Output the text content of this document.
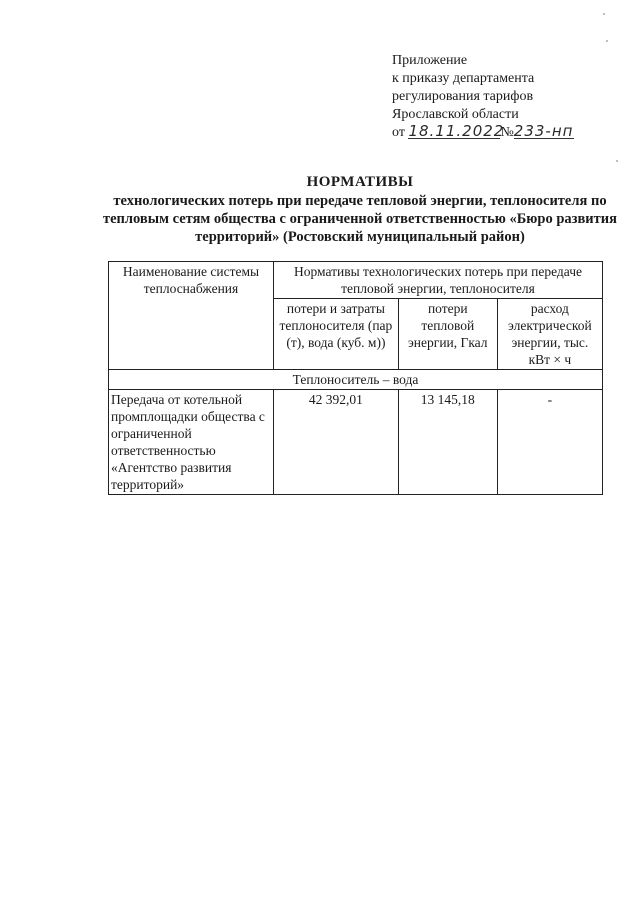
Приложение
к приказу департамента
регулирования тарифов
Ярославской области
от 18.11.2022№233-нп
НОРМАТИВЫ
технологических потерь при передаче тепловой энергии, теплоносителя по тепловым сетям общества с ограниченной ответственностью «Бюро развития территорий» (Ростовский муниципальный район)
Наименование системы теплоснабжения	Нормативы технологических потерь при передаче тепловой энергии, теплоносителя		
	потери и затраты теплоносителя (пар (т), вода (куб. м))	потери тепловой энергии, Гкал	расход электрической энергии, тыс. кВт × ч
Теплоноситель – вода			
Передача от котельной промплощадки общества с ограниченной ответственностью «Агентство развития территорий»	42 392,01	13 145,18	-
